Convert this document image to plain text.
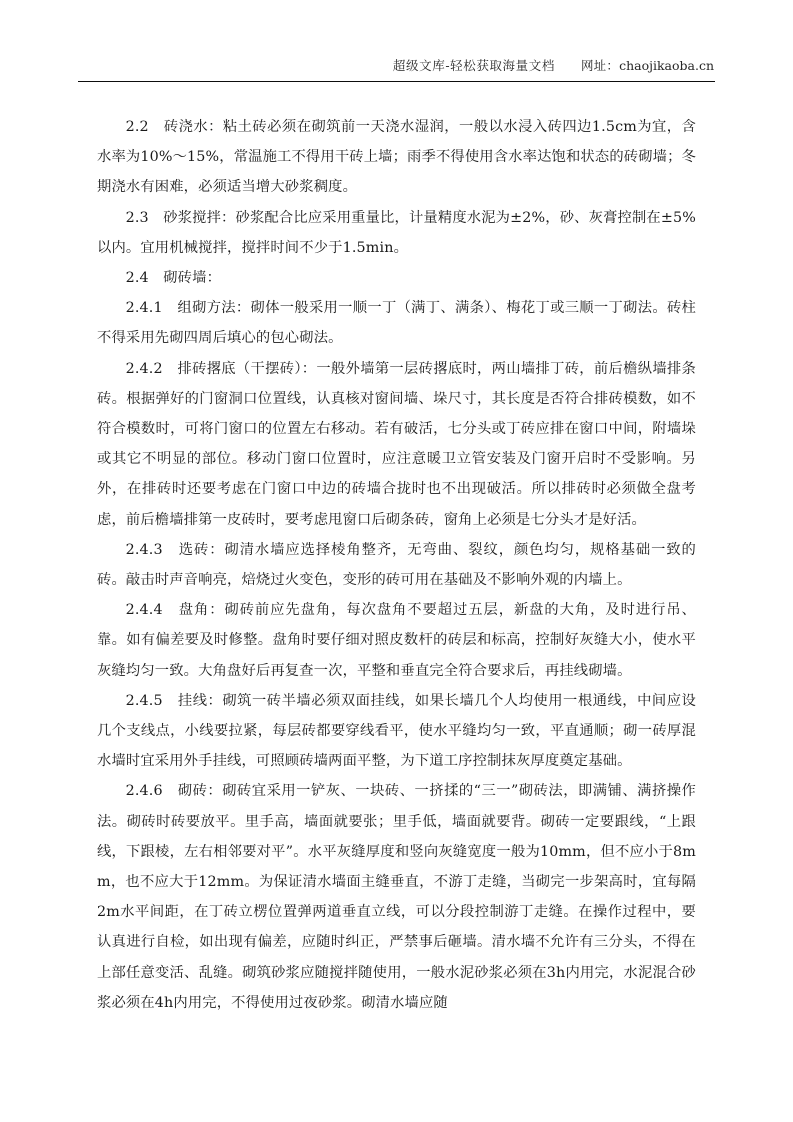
超级文库-轻松获取海量文档 网址：chaojikaoba.cn

2.2　砖浇水：粘土砖必须在砌筑前一天浇水湿润，一般以水浸入砖四边1.5cm为宜，含水率为10%～15%，常温施工不得用干砖上墙；雨季不得使用含水率达饱和状态的砖砌墙；冬期浇水有困难，必须适当增大砂浆稠度。

2.3　砂浆搅拌：砂浆配合比应采用重量比，计量精度水泥为±2%，砂、灰膏控制在±5%以内。宜用机械搅拌，搅拌时间不少于1.5min。

2.4　砌砖墙：

2.4.1　组砌方法：砌体一般采用一顺一丁（满丁、满条）、梅花丁或三顺一丁砌法。砖柱不得采用先砌四周后填心的包心砌法。

2.4.2　排砖撂底（干摆砖）：一般外墙第一层砖撂底时，两山墙排丁砖，前后檐纵墙排条砖。根据弹好的门窗洞口位置线，认真核对窗间墙、垛尺寸，其长度是否符合排砖模数，如不符合模数时，可将门窗口的位置左右移动。若有破活，七分头或丁砖应排在窗口中间，附墙垛或其它不明显的部位。移动门窗口位置时，应注意暖卫立管安装及门窗开启时不受影响。另外，在排砖时还要考虑在门窗口中边的砖墙合拢时也不出现破活。所以排砖时必须做全盘考虑，前后檐墙排第一皮砖时，要考虑甩窗口后砌条砖，窗角上必须是七分头才是好活。

2.4.3　选砖：砌清水墙应选择棱角整齐，无弯曲、裂纹，颜色均匀，规格基础一致的砖。敲击时声音响亮，焙烧过火变色，变形的砖可用在基础及不影响外观的内墙上。

2.4.4　盘角：砌砖前应先盘角，每次盘角不要超过五层，新盘的大角，及时进行吊、靠。如有偏差要及时修整。盘角时要仔细对照皮数杆的砖层和标高，控制好灰缝大小，使水平灰缝均匀一致。大角盘好后再复查一次，平整和垂直完全符合要求后，再挂线砌墙。

2.4.5　挂线：砌筑一砖半墙必须双面挂线，如果长墙几个人均使用一根通线，中间应设几个支线点，小线要拉紧，每层砖都要穿线看平，使水平缝均匀一致，平直通顺；砌一砖厚混水墙时宜采用外手挂线，可照顾砖墙两面平整，为下道工序控制抹灰厚度奠定基础。

2.4.6　砌砖：砌砖宜采用一铲灰、一块砖、一挤揉的“三一”砌砖法，即满铺、满挤操作法。砌砖时砖要放平。里手高，墙面就要张；里手低，墙面就要背。砌砖一定要跟线，“上跟线，下跟棱，左右相邻要对平”。水平灰缝厚度和竖向灰缝宽度一般为10mm，但不应小于8mm，也不应大于12mm。为保证清水墙面主缝垂直，不游丁走缝，当砌完一步架高时，宜每隔2m水平间距，在丁砖立楞位置弹两道垂直立线，可以分段控制游丁走缝。在操作过程中，要认真进行自检，如出现有偏差，应随时纠正，严禁事后砸墙。清水墙不允许有三分头，不得在上部任意变活、乱缝。砌筑砂浆应随搅拌随使用，一般水泥砂浆必须在3h内用完，水泥混合砂浆必须在4h内用完，不得使用过夜砂浆。砌清水墙应随
